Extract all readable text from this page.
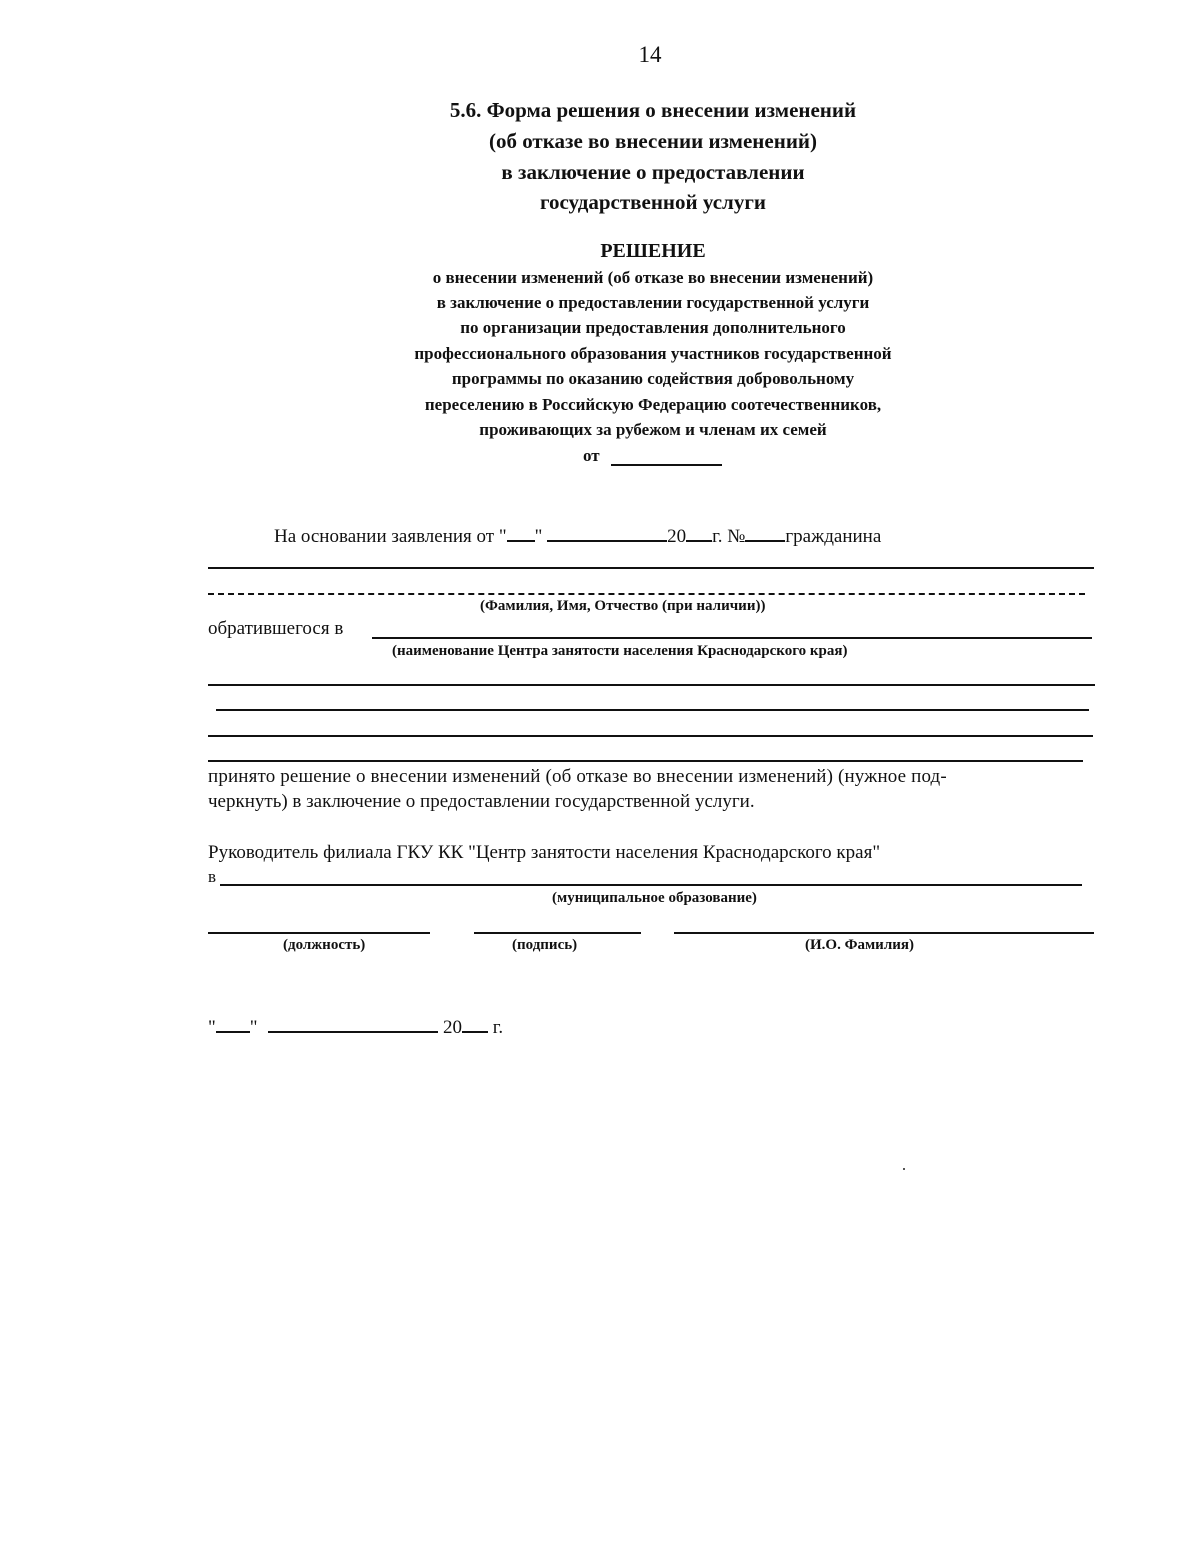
14
5.6. Форма решения о внесении изменений
(об отказе во внесении изменений)
в заключение о предоставлении
государственной услуги
РЕШЕНИЕ
о внесении изменений (об отказе во внесении изменений)
в заключение о предоставлении государственной услуги
по организации предоставления дополнительного
профессионального образования участников государственной
программы по оказанию содействия добровольному
переселению в Российскую Федерацию соотечественников,
проживающих за рубежом и членам их семей
от
На основании заявления от " "	20 г. № гражданина
(Фамилия, Имя, Отчество (при наличии))
обратившегося в
(наименование Центра занятости населения Краснодарского края)
принято решение о внесении изменений (об отказе во внесении изменений) (нужное под-
черкнуть) в заключение о предоставлении государственной услуги.
Руководитель филиала ГКУ КК "Центр занятости населения Краснодарского края"
в
(муниципальное образование)
(должность)	(подпись)	(И.О. Фамилия)
" "	20 г.
